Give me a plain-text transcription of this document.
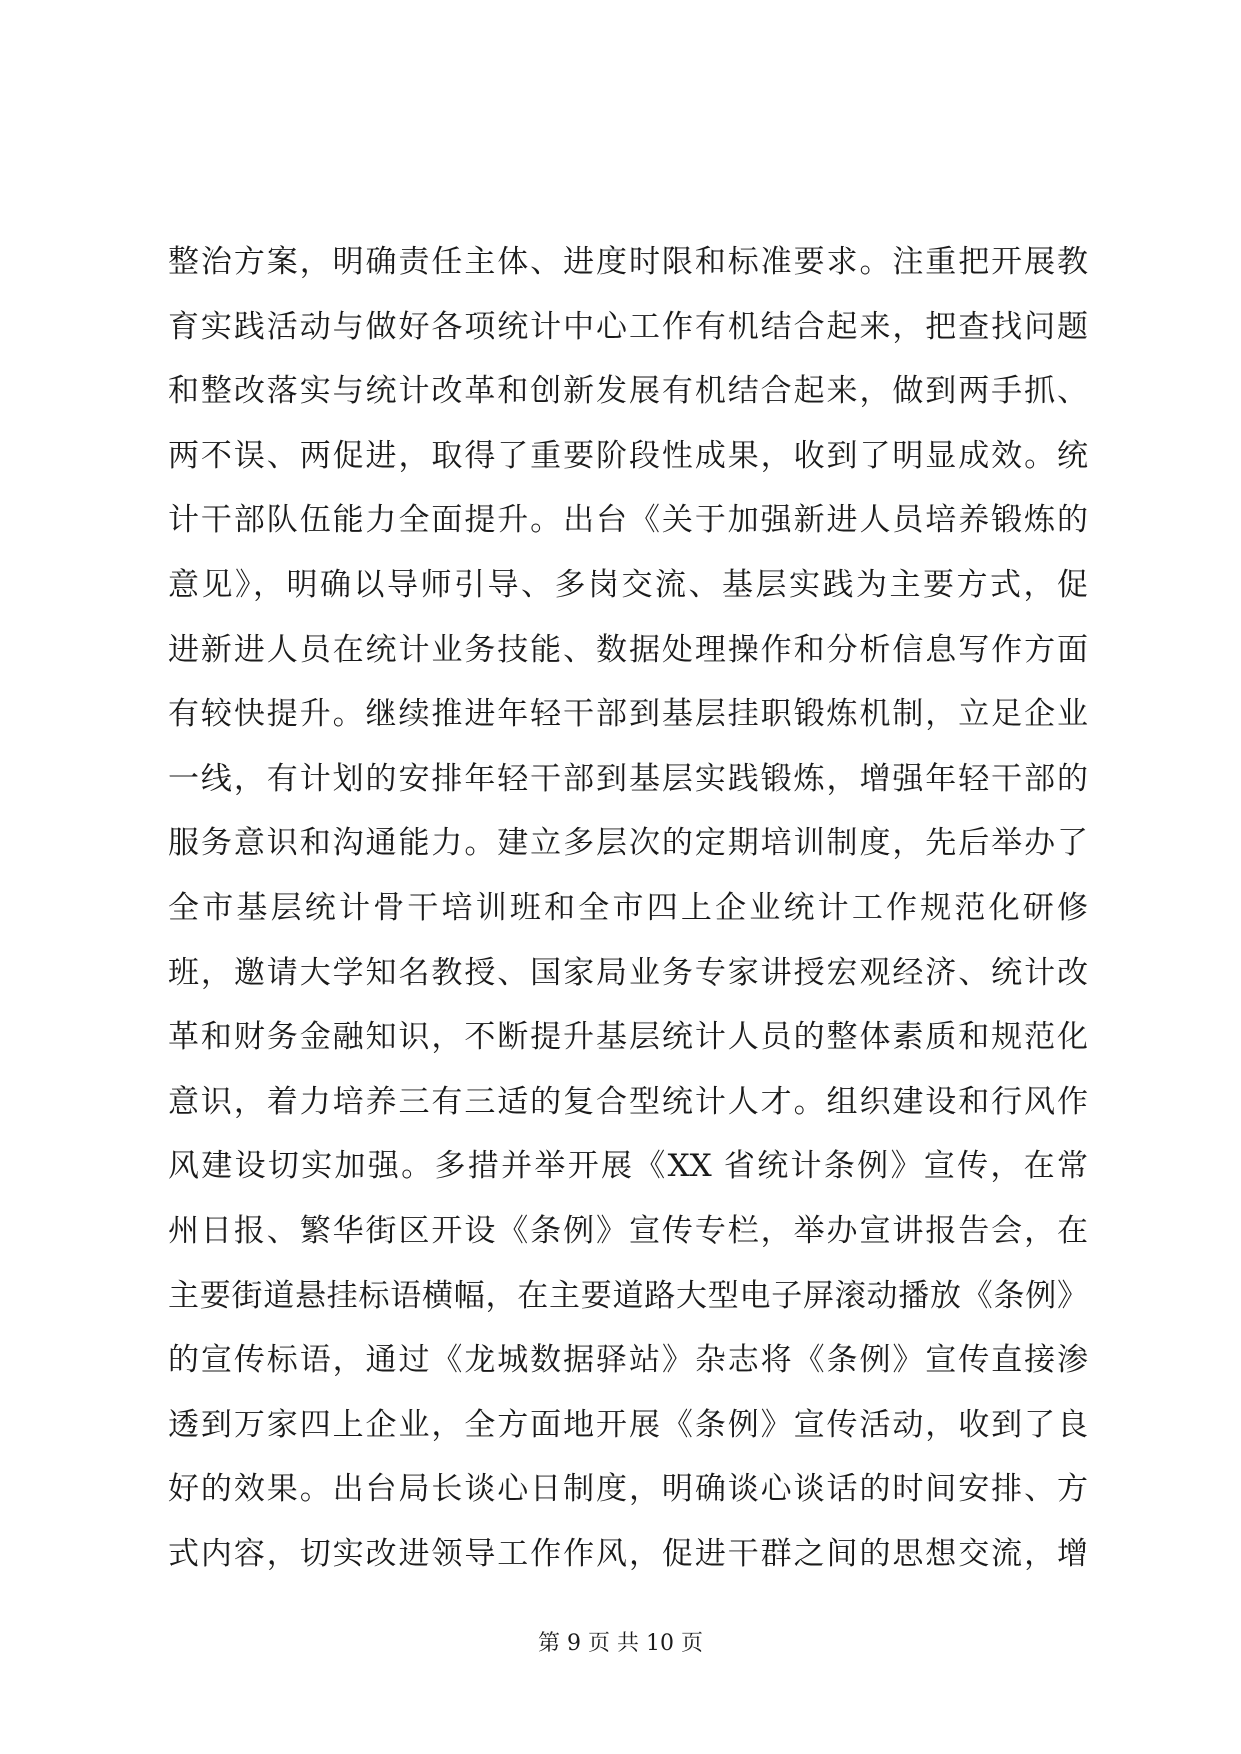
整治方案，明确责任主体、进度时限和标准要求。注重把开展教
育实践活动与做好各项统计中心工作有机结合起来，把查找问题
和整改落实与统计改革和创新发展有机结合起来，做到两手抓、
两不误、两促进，取得了重要阶段性成果，收到了明显成效。统
计干部队伍能力全面提升。出台《关于加强新进人员培养锻炼的
意见》，明确以导师引导、多岗交流、基层实践为主要方式，促
进新进人员在统计业务技能、数据处理操作和分析信息写作方面
有较快提升。继续推进年轻干部到基层挂职锻炼机制，立足企业
一线，有计划的安排年轻干部到基层实践锻炼，增强年轻干部的
服务意识和沟通能力。建立多层次的定期培训制度，先后举办了
全市基层统计骨干培训班和全市四上企业统计工作规范化研修
班，邀请大学知名教授、国家局业务专家讲授宏观经济、统计改
革和财务金融知识，不断提升基层统计人员的整体素质和规范化
意识，着力培养三有三适的复合型统计人才。组织建设和行风作
风建设切实加强。多措并举开展《XX 省统计条例》宣传，在常
州日报、繁华街区开设《条例》宣传专栏，举办宣讲报告会，在
主要街道悬挂标语横幅，在主要道路大型电子屏滚动播放《条例》
的宣传标语，通过《龙城数据驿站》杂志将《条例》宣传直接渗
透到万家四上企业，全方面地开展《条例》宣传活动，收到了良
好的效果。出台局长谈心日制度，明确谈心谈话的时间安排、方
式内容，切实改进领导工作作风，促进干群之间的思想交流，增
第 9 页 共 10 页
